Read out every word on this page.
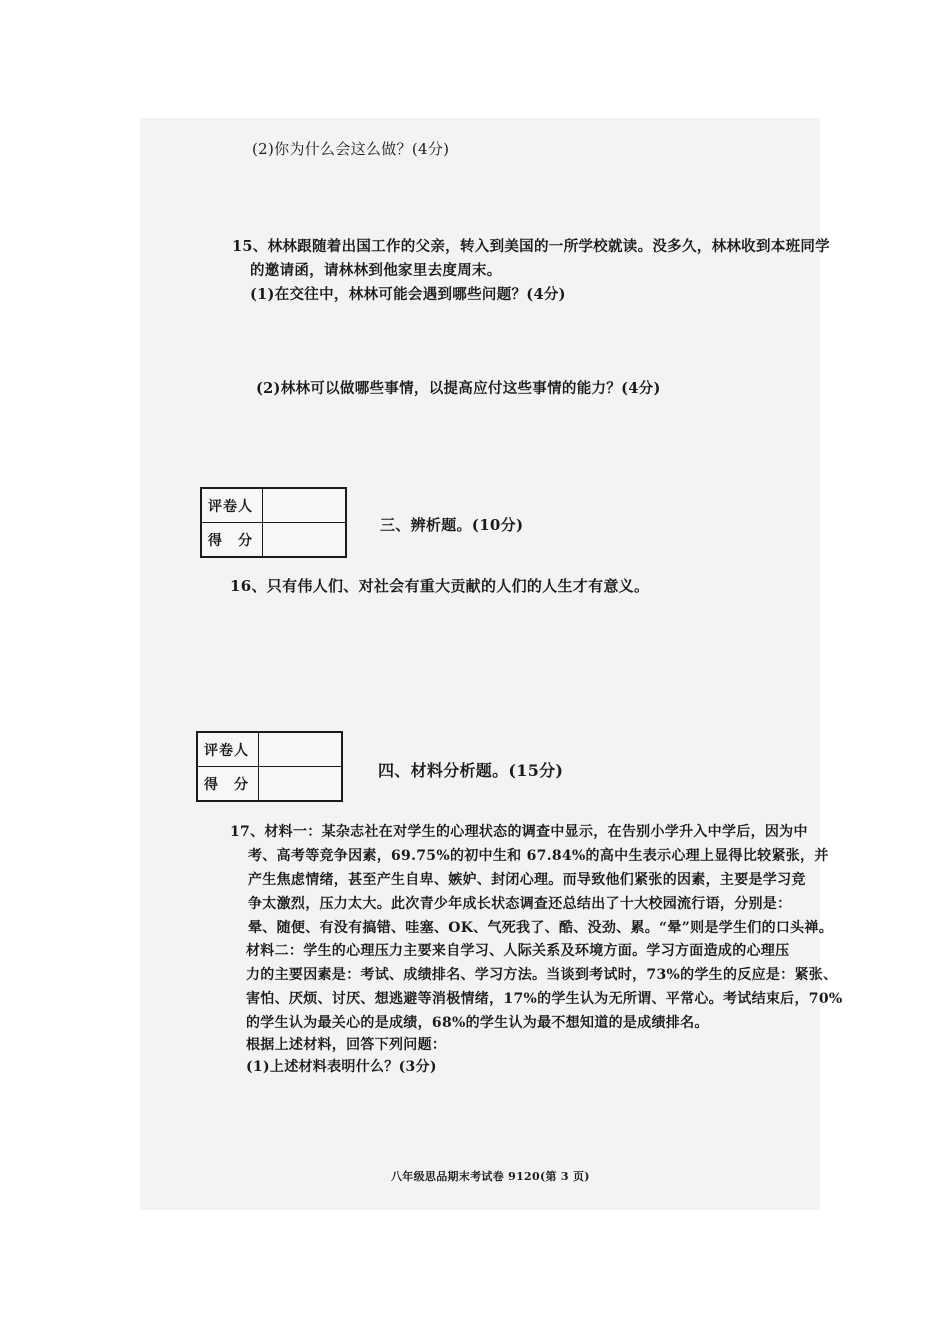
(2)你为什么会这么做？(4分)
15、林林跟随着出国工作的父亲，转入到美国的一所学校就读。没多久，林林收到本班同学
的邀请函，请林林到他家里去度周末。
(1)在交往中，林林可能会遇到哪些问题？(4分)
(2)林林可以做哪些事情，以提高应付这些事情的能力？(4分)
评卷人	
得　分	
三、辨析题。(10分)
16、只有伟人们、对社会有重大贡献的人们的人生才有意义。
评卷人	
得　分	
四、材料分析题。(15分)
17、材料一：某杂志社在对学生的心理状态的调查中显示，在告别小学升入中学后，因为中
考、高考等竞争因素，69.75%的初中生和 67.84%的高中生表示心理上显得比较紧张，并
产生焦虑情绪，甚至产生自卑、嫉妒、封闭心理。而导致他们紧张的因素，主要是学习竞
争太激烈，压力太大。此次青少年成长状态调查还总结出了十大校园流行语，分别是：
晕、随便、有没有搞错、哇塞、OK、气死我了、酷、没劲、累。“晕”则是学生们的口头禅。
材料二：学生的心理压力主要来自学习、人际关系及环境方面。学习方面造成的心理压
力的主要因素是：考试、成绩排名、学习方法。当谈到考试时，73%的学生的反应是：紧张、
害怕、厌烦、讨厌、想逃避等消极情绪，17%的学生认为无所谓、平常心。考试结束后，70%
的学生认为最关心的是成绩，68%的学生认为最不想知道的是成绩排名。
根据上述材料，回答下列问题：
(1)上述材料表明什么？(3分)
八年级思品期末考试卷 9120(第 3 页)
